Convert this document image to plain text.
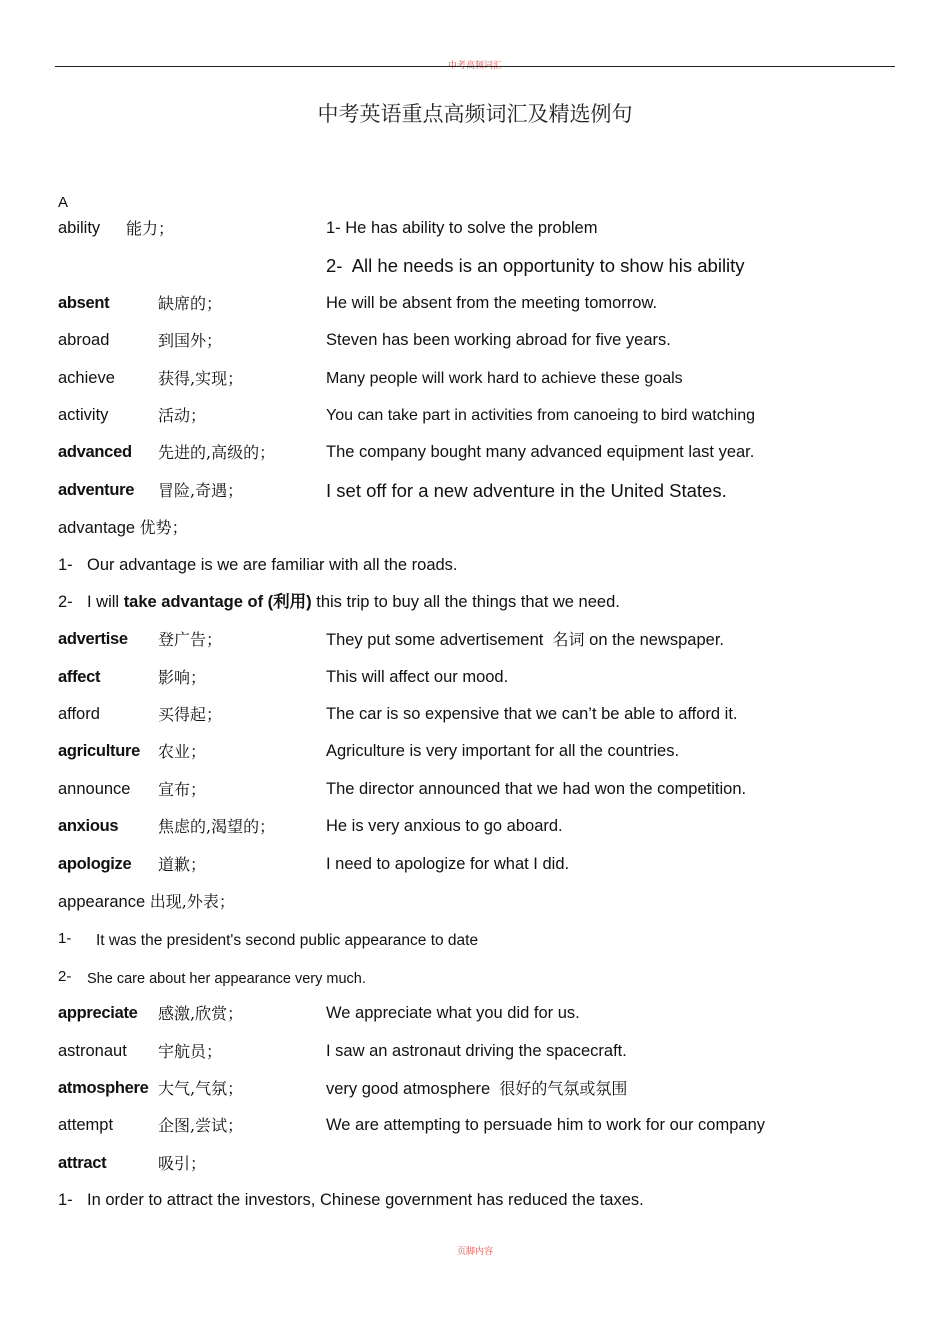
中考高频词汇
中考英语重点高频词汇及精选例句
A
ability 能力；	1- He has ability to solve the problem
2- All he needs is an opportunity to show his ability
absent	缺席的；	He will be absent from the meeting tomorrow.
abroad	到国外；	Steven has been working abroad for five years.
achieve	获得,实现；	Many people will work hard to achieve these goals
activity	活动；	You can take part in activities from canoeing to bird watching
advanced 先进的,高级的；	The company bought many advanced equipment last year.
adventure 冒险,奇遇；	I set off for a new adventure in the United States.
advantage 优势；
1- Our advantage is we are familiar with all the roads.
2- I will take advantage of (利用) this trip to buy all the things that we need.
advertise 登广告；	They put some advertisement 名词 on the newspaper.
affect	影响；	This will affect our mood.
afford	买得起；	The car is so expensive that we can’t be able to afford it.
agriculture 农业；	Agriculture is very important for all the countries.
announce 宣布；	The director announced that we had won the competition.
anxious 焦虑的,渴望的；	He is very anxious to go aboard.
apologize 道歉；	I need to apologize for what I did.
appearance 出现,外表；
1- It was the president's second public appearance to date
2- She care about her appearance very much.
appreciate 感激,欣赏；	We appreciate what you did for us.
astronaut 宇航员；	I saw an astronaut driving the spacecraft.
atmosphere 大气,气氛；	very good atmosphere 很好的气氛或氛围
attempt	企图,尝试；	We are attempting to persuade him to work for our company
attract	吸引；
1- In order to attract the investors, Chinese government has reduced the taxes.
页脚内容
